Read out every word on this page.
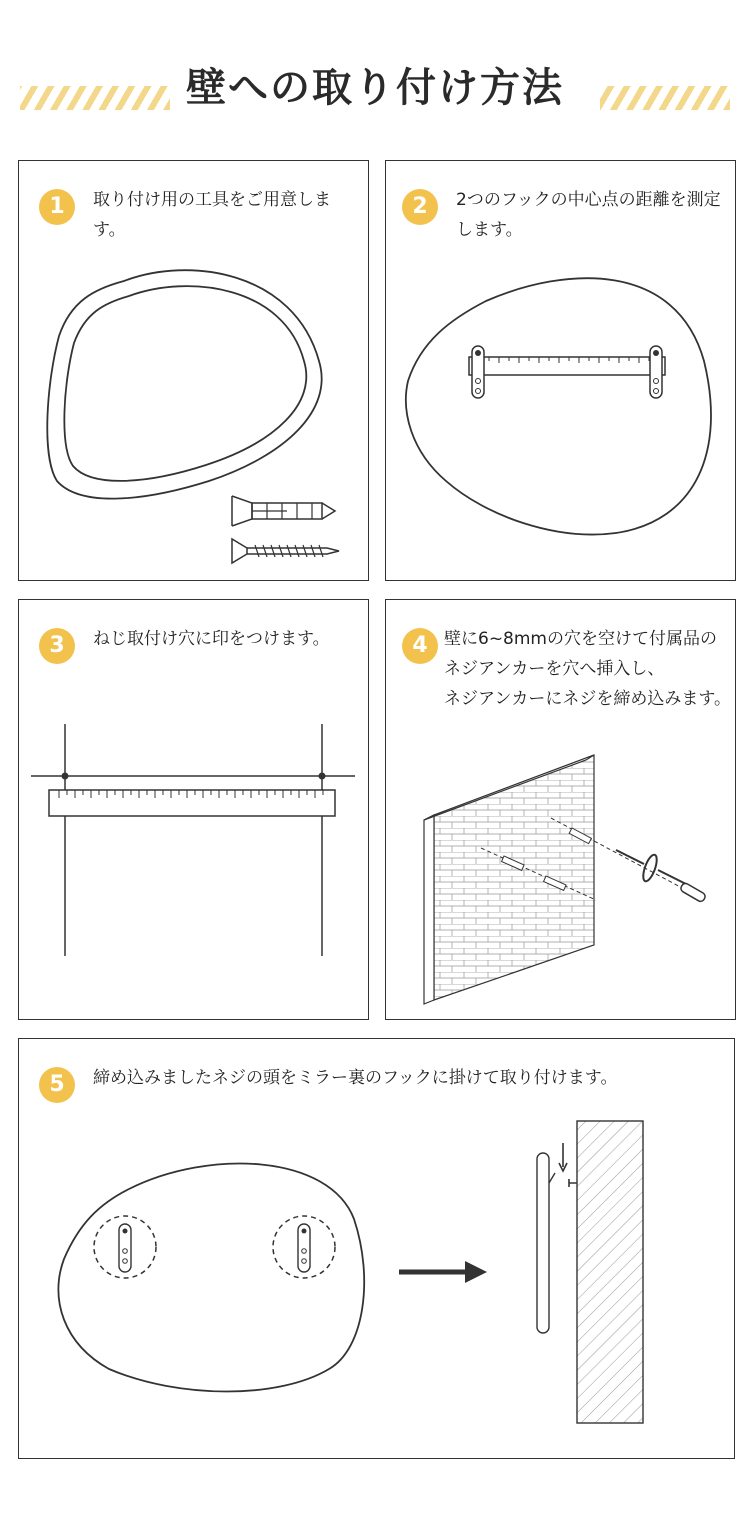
壁への取り付け方法
1	取り付け用の工具をご用意します。
2	2つのフックの中心点の距離を測定します。
3	ねじ取付け穴に印をつけます。	4 壁に6~8mmの穴を空けて付属品の
ネジアンカーを穴へ挿入し、
ネジアンカーにネジを締め込みます。
5	締め込みましたネジの頭をミラー裏のフックに掛けて取り付けます。
